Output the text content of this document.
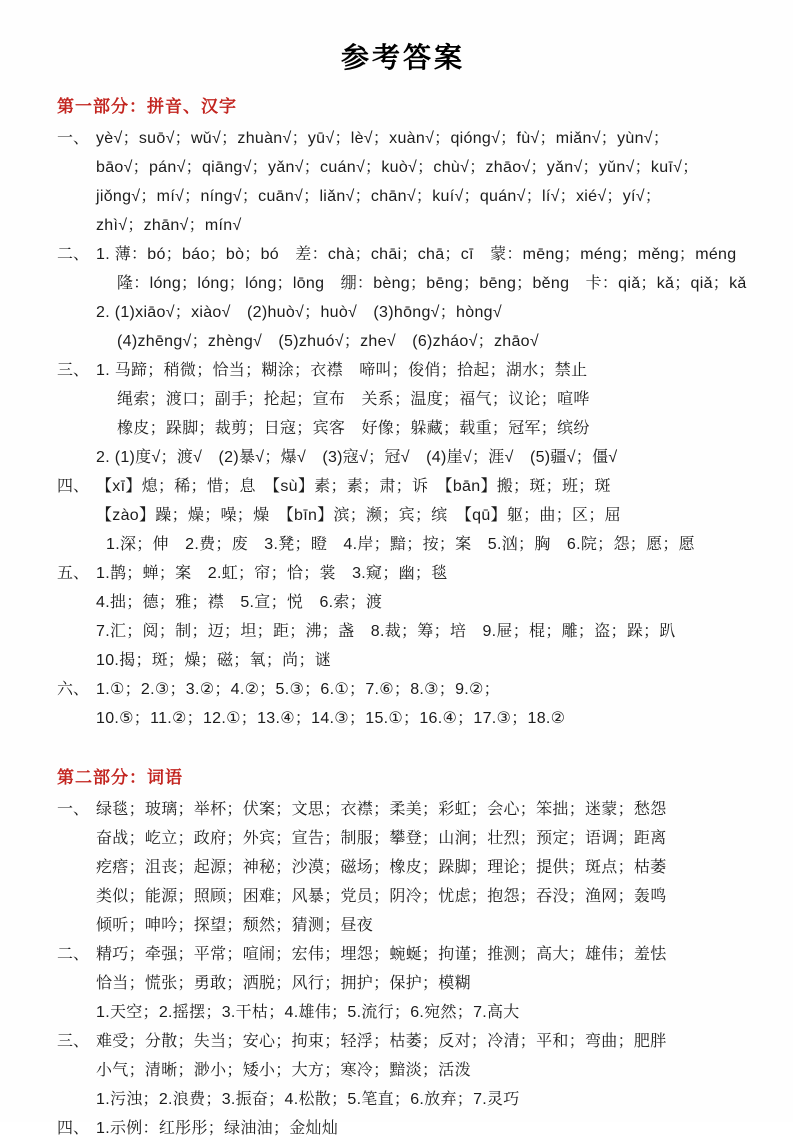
参考答案
第一部分：拼音、汉字
一、 yè√；suō√；wǔ√；zhuàn√；yū√；lè√；xuàn√；qióng√；fù√；miǎn√；yùn√；
bāo√；pán√；qiāng√；yǎn√；cuán√；kuò√；chù√；zhāo√；yǎn√；yǔn√；kuī√；
jiǒng√；mí√；níng√；cuān√；liǎn√；chān√；kuí√；quán√；lí√；xié√；yí√；
zhì√；zhān√；mín√
二、 1. 薄：bó；báo；bò；bó　差：chà；chāi；chā；cī　蒙：mēng；méng；měng；méng
隆：lóng；lóng；lóng；lōng　绷：bèng；bēng；bēng；běng　卡：qiǎ；kǎ；qiǎ；kǎ
2. (1)xiāo√；xiào√　(2)huò√；huò√　(3)hōng√；hòng√
(4)zhēng√；zhèng√　(5)zhuó√；zhe√　(6)zháo√；zhāo√
三、 1. 马蹄；稍微；恰当；糊涂；衣襟　啼叫；俊俏；拾起；湖水；禁止
绳索；渡口；副手；抡起；宣布　关系；温度；福气；议论；喧哗
橡皮；跺脚；裁剪；日寇；宾客　好像；躲藏；载重；冠军；缤纷
2. (1)度√；渡√　(2)暴√；爆√　(3)寇√；冠√　(4)崖√；涯√　(5)疆√；僵√
四、 【xī】熄；稀；惜；息　【sù】素；素；肃；诉　【bān】搬；斑；班；斑
【zào】躁；燥；噪；燥　【bīn】滨；濒；宾；缤　【qū】躯；曲；区；屈
1.深；伸　2.费；废　3.凳；瞪　4.岸；黯；按；案　5.汹；胸　6.院；怨；愿；愿
五、 1.鹊；蝉；案　2.虹；帘；恰；裳　3.窥；幽；毯
4.拙；德；雅；襟　5.宣；悦　6.索；渡
7.汇；阅；制；迈；坦；距；沸；盏　8.裁；筹；培　9.屉；棍；雕；盗；跺；趴
10.揭；斑；燥；磁；氧；尚；谜
六、 1.①；2.③；3.②；4.②；5.③；6.①；7.⑥；8.③；9.②；
10.⑤；11.②；12.①；13.④；14.③；15.①；16.④；17.③；18.②
第二部分：词语
一、 绿毯；玻璃；举杯；伏案；文思；衣襟；柔美；彩虹；会心；笨拙；迷蒙；愁怨
奋战；屹立；政府；外宾；宣告；制服；攀登；山涧；壮烈；预定；语调；距离
疙瘩；沮丧；起源；神秘；沙漠；磁场；橡皮；跺脚；理论；提供；斑点；枯萎
类似；能源；照顾；困难；风暴；党员；阴冷；忧虑；抱怨；吞没；渔网；轰鸣
倾听；呻吟；探望；颓然；猜测；昼夜
二、 精巧；牵强；平常；喧闹；宏伟；埋怨；蜿蜒；拘谨；推测；高大；雄伟；羞怯
恰当；慌张；勇敢；洒脱；风行；拥护；保护；模糊
1.天空；2.摇摆；3.干枯；4.雄伟；5.流行；6.宛然；7.高大
三、 难受；分散；失当；安心；拘束；轻浮；枯萎；反对；冷清；平和；弯曲；肥胖
小气；清晰；渺小；矮小；大方；寒冷；黯淡；活泼
1.污浊；2.浪费；3.振奋；4.松散；5.笔直；6.放弃；7.灵巧
四、 1.示例：红彤彤；绿油油；金灿灿
